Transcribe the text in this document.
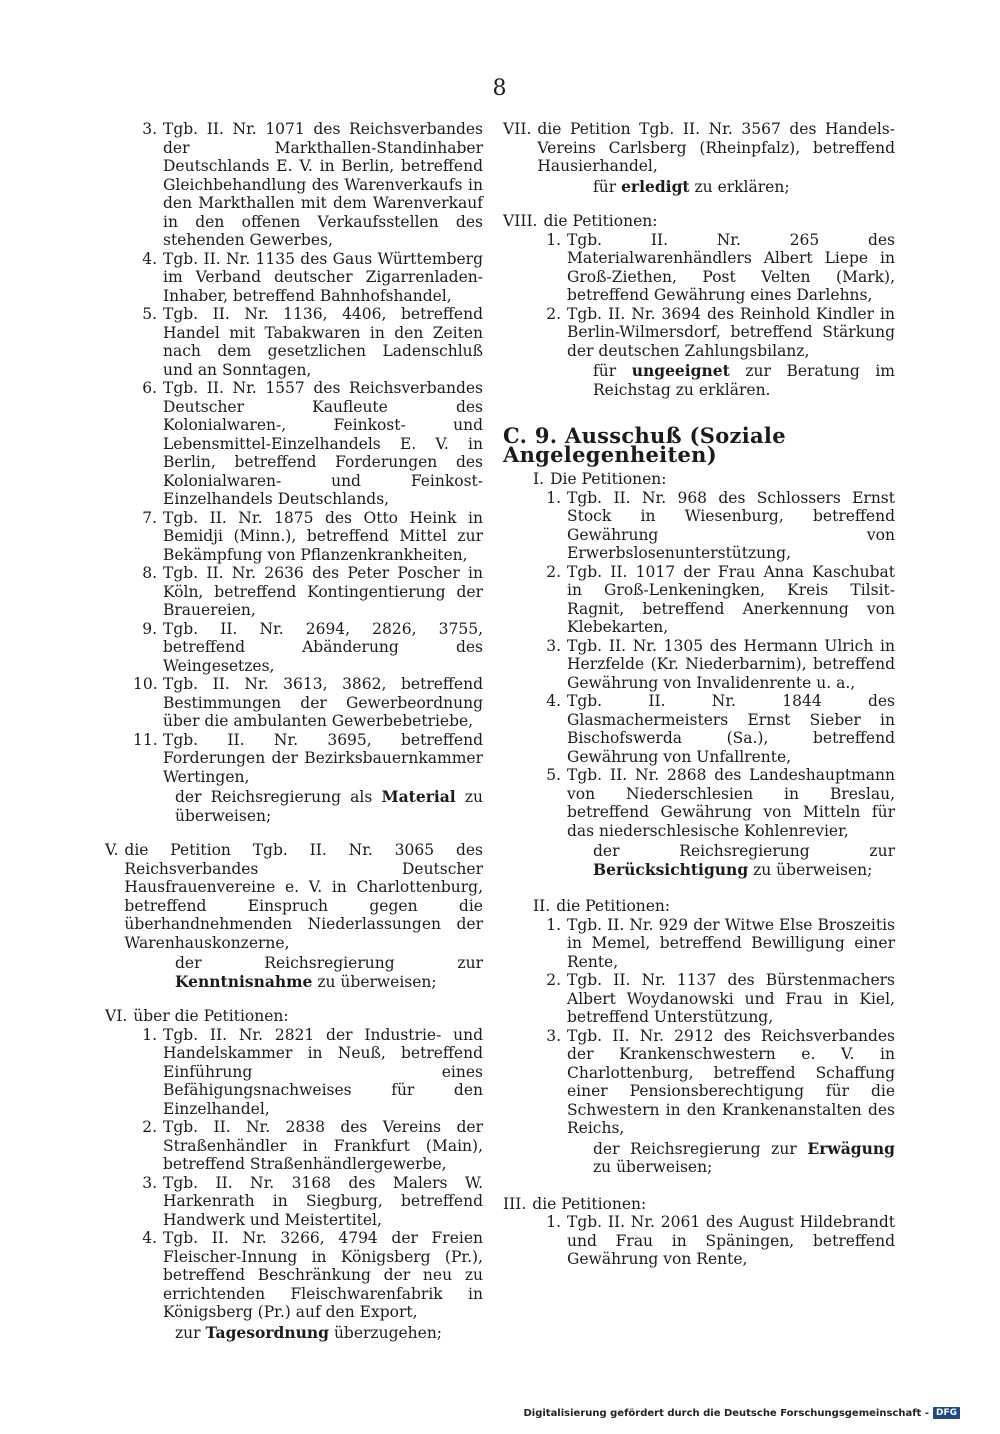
8
3. Tgb. II. Nr. 1071 des Reichsverbandes der Markthallen-Standinhaber Deutschlands E. V. in Berlin, betreffend Gleichbehandlung des Warenverkaufs in den Markthallen mit dem Warenverkauf in den offenen Verkaufsstellen des stehenden Gewerbes,
4. Tgb. II. Nr. 1135 des Gaus Württemberg im Verband deutscher Zigarrenladen-Inhaber, betreffend Bahnhofshandel,
5. Tgb. II. Nr. 1136, 4406, betreffend Handel mit Tabakwaren in den Zeiten nach dem gesetzlichen Ladenschluß und an Sonntagen,
6. Tgb. II. Nr. 1557 des Reichsverbandes Deutscher Kaufleute des Kolonialwaren-, Feinkost- und Lebensmittel-Einzelhandels E. V. in Berlin, betreffend Forderungen des Kolonialwaren- und Feinkost-Einzelhandels Deutschlands,
7. Tgb. II. Nr. 1875 des Otto Heink in Bemidji (Minn.), betreffend Mittel zur Bekämpfung von Pflanzenkrankheiten,
8. Tgb. II. Nr. 2636 des Peter Poscher in Köln, betreffend Kontingentierung der Brauereien,
9. Tgb. II. Nr. 2694, 2826, 3755, betreffend Abänderung des Weingesetzes,
10. Tgb. II. Nr. 3613, 3862, betreffend Bestimmungen der Gewerbeordnung über die ambulanten Gewerbebetriebe,
11. Tgb. II. Nr. 3695, betreffend Forderungen der Bezirksbauernkammer Wertingen,
der Reichsregierung als Material zu überweisen;
V. die Petition Tgb. II. Nr. 3065 des Reichsverbandes Deutscher Hausfrauenvereine e. V. in Charlottenburg, betreffend Einspruch gegen die überhandnehmenden Niederlassungen der Warenhauskonzerne,
der Reichsregierung zur Kenntnisnahme zu überweisen;
VI. über die Petitionen:
1. Tgb. II. Nr. 2821 der Industrie- und Handelskammer in Neuß, betreffend Einführung eines Befähigungsnachweises für den Einzelhandel,
2. Tgb. II. Nr. 2838 des Vereins der Straßenhändler in Frankfurt (Main), betreffend Straßenhändlergewerbe,
3. Tgb. II. Nr. 3168 des Malers W. Harkenrath in Siegburg, betreffend Handwerk und Meistertitel,
4. Tgb. II. Nr. 3266, 4794 der Freien Fleischer-Innung in Königsberg (Pr.), betreffend Beschränkung der neu zu errichtenden Fleischwarenfabrik in Königsberg (Pr.) auf den Export,
zur Tagesordnung überzugehen;
VII. die Petition Tgb. II. Nr. 3567 des Handels-Vereins Carlsberg (Rheinpfalz), betreffend Hausierhandel,
für erledigt zu erklären;
VIII. die Petitionen:
1. Tgb. II. Nr. 265 des Materialwarenhändlers Albert Liepe in Groß-Ziethen, Post Velten (Mark), betreffend Gewährung eines Darlehns,
2. Tgb. II. Nr. 3694 des Reinhold Kindler in Berlin-Wilmersdorf, betreffend Stärkung der deutschen Zahlungsbilanz,
für ungeeignet zur Beratung im Reichstag zu erklären.
C. 9. Ausschuß (Soziale Angelegenheiten)
I. Die Petitionen:
1. Tgb. II. Nr. 968 des Schlossers Ernst Stock in Wiesenburg, betreffend Gewährung von Erwerbslosenunterstützung,
2. Tgb. II. 1017 der Frau Anna Kaschubat in Groß-Lenkeningken, Kreis Tilsit-Ragnit, betreffend Anerkennung von Klebekarten,
3. Tgb. II. Nr. 1305 des Hermann Ulrich in Herzfelde (Kr. Niederbarnim), betreffend Gewährung von Invalidenrente u. a.,
4. Tgb. II. Nr. 1844 des Glasmachermeisters Ernst Sieber in Bischofswerda (Sa.), betreffend Gewährung von Unfallrente,
5. Tgb. II. Nr. 2868 des Landeshauptmann von Niederschlesien in Breslau, betreffend Gewährung von Mitteln für das niederschlesische Kohlenrevier,
der Reichsregierung zur Berücksichtigung zu überweisen;
II. die Petitionen:
1. Tgb. II. Nr. 929 der Witwe Else Broszeitis in Memel, betreffend Bewilligung einer Rente,
2. Tgb. II. Nr. 1137 des Bürstenmachers Albert Woydanowski und Frau in Kiel, betreffend Unterstützung,
3. Tgb. II. Nr. 2912 des Reichsverbandes der Krankenschwestern e. V. in Charlottenburg, betreffend Schaffung einer Pensionsberechtigung für die Schwestern in den Krankenanstalten des Reichs,
der Reichsregierung zur Erwägung zu überweisen;
III. die Petitionen:
1. Tgb. II. Nr. 2061 des August Hildebrandt und Frau in Späningen, betreffend Gewährung von Rente,
Digitalisierung gefördert durch die Deutsche Forschungsgemeinschaft - DFG
